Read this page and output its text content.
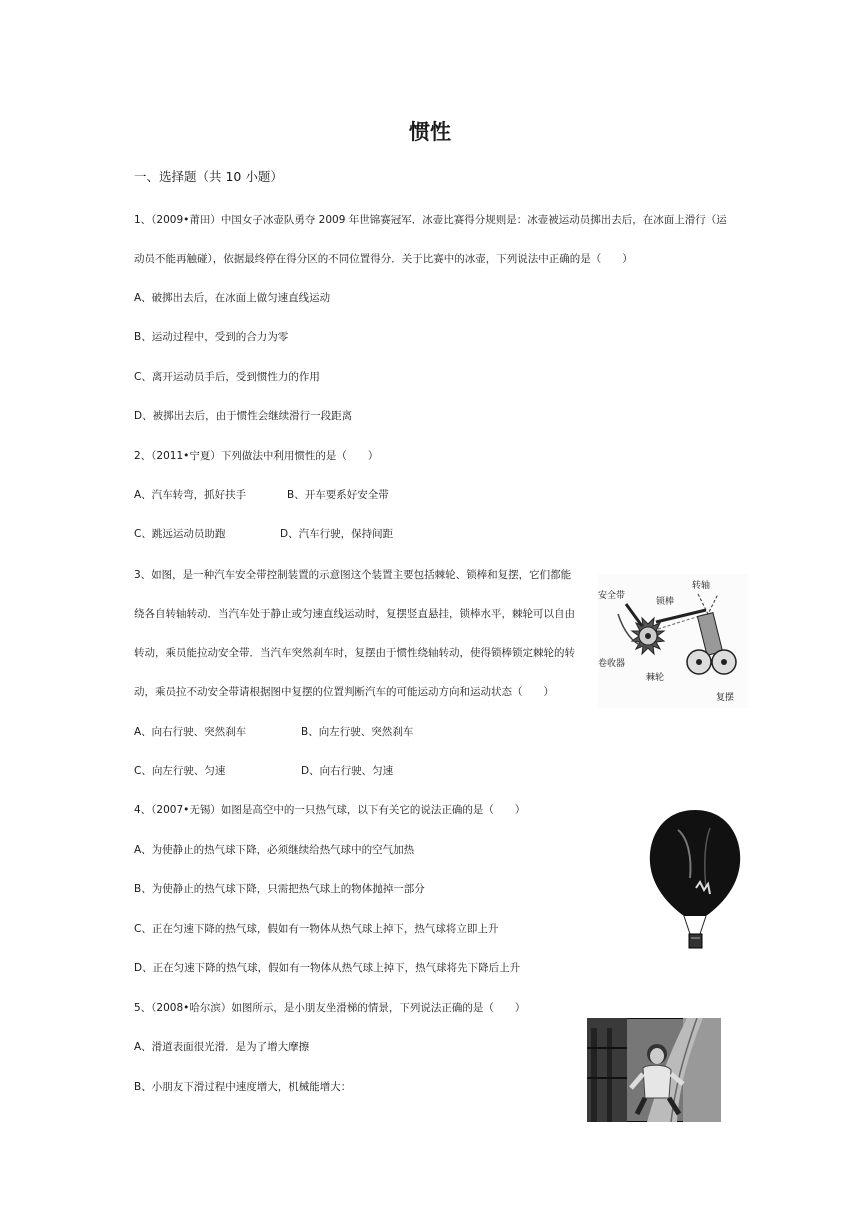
惯性
一、选择题（共 10 小题）
1、（2009•莆田）中国女子冰壶队勇夺 2009 年世锦赛冠军．冰壶比赛得分规则是：冰壶被运动员掷出去后，在冰面上滑行（运
动员不能再触碰），依据最终停在得分区的不同位置得分．关于比赛中的冰壶，下列说法中正确的是（　　）
A、破掷出去后，在冰面上做匀速直线运动
B、运动过程中，受到的合力为零
C、离开运动员手后，受到惯性力的作用
D、被掷出去后，由于惯性会继续滑行一段距离
2、（2011•宁夏）下列做法中利用惯性的是（　　）
A、汽车转弯，抓好扶手	B、开车要系好安全带
C、跳远运动员助跑	D、汽车行驶，保持间距
3、如图，是一种汽车安全带控制装置的示意图这个装置主要包括棘轮、锁棒和复摆，它们都能
绕各自转轴转动．当汽车处于静止或匀速直线运动时，复摆竖直悬挂，锁棒水平，棘轮可以自由
转动，乘员能拉动安全带．当汽车突然刹车时，复摆由于惯性绕轴转动，使得锁棒锁定棘轮的转
动，乘员拉不动安全带请根据图中复摆的位置判断汽车的可能运动方向和运动状态（　　）
A、向右行驶、突然刹车	B、向左行驶、突然刹车
C、向左行驶、匀速	D、向右行驶、匀速
安全带
锁棒
转轴
卷收器
棘轮
复摆
4、（2007•无锡）如图是高空中的一只热气球，以下有关它的说法正确的是（　　）
A、为使静止的热气球下降，必须继续给热气球中的空气加热
B、为使静止的热气球下降，只需把热气球上的物体抛掉一部分
C、正在匀速下降的热气球，假如有一物体从热气球上掉下，热气球将立即上升
D、正在匀速下降的热气球，假如有一物体从热气球上掉下，热气球将先下降后上升
5、（2008•哈尔滨）如图所示，是小朋友坐滑梯的情景，下列说法正确的是（　　）
A、滑道表面很光滑．是为了增大摩擦
B、小朋友下滑过程中速度增大，机械能增大：
